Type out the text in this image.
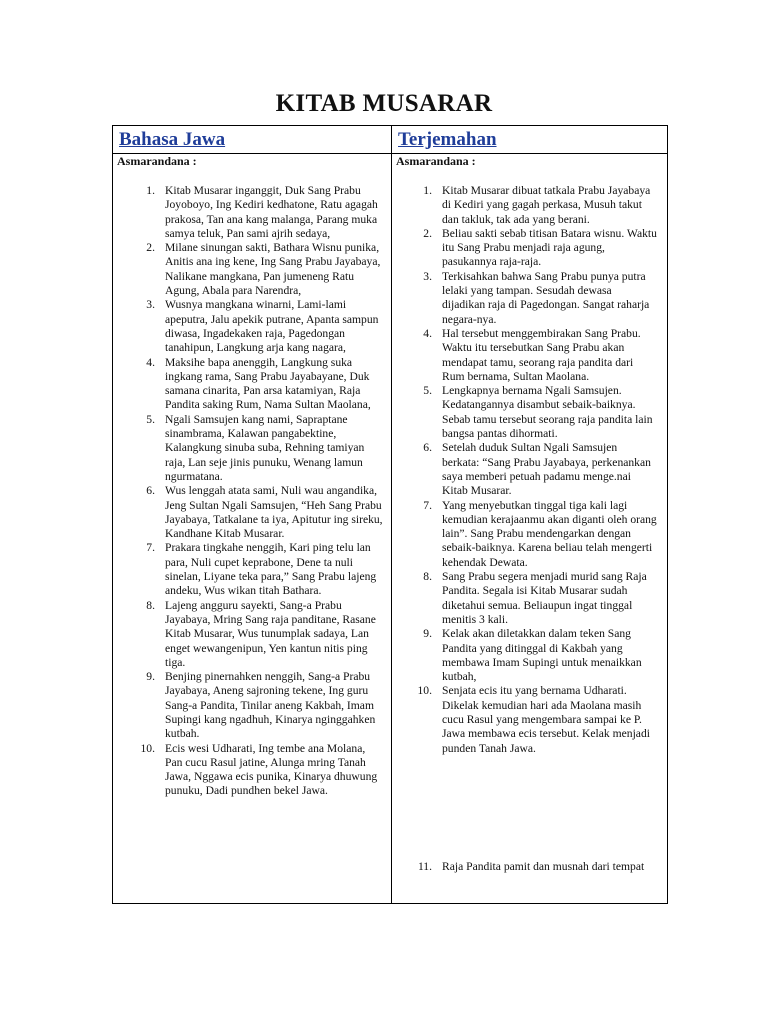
KITAB MUSARAR
Bahasa Jawa
Asmarandana :
1. Kitab Musarar inganggit, Duk Sang Prabu Joyoboyo, Ing Kediri kedhatone, Ratu agagah prakosa, Tan ana kang malanga, Parang muka samya teluk, Pan sami ajrih sedaya,
2. Milane sinungan sakti, Bathara Wisnu punika, Anitis ana ing kene, Ing Sang Prabu Jayabaya, Nalikane mangkana, Pan jumeneng Ratu Agung, Abala para Narendra,
3. Wusnya mangkana winarni, Lami-lami apeputra, Jalu apekik putrane, Apanta sampun diwasa, Ingadekaken raja, Pagedongan tanahipun, Langkung arja kang nagara,
4. Maksihe bapa anenggih, Langkung suka ingkang rama, Sang Prabu Jayabayane, Duk samana cinarita, Pan arsa katamiyan, Raja Pandita saking Rum, Nama Sultan Maolana,
5. Ngali Samsujen kang nami, Sapraptane sinambrama, Kalawan pangabektine, Kalangkung sinuba suba, Rehning tamiyan raja, Lan seje jinis punuku, Wenang lamun ngurmatana.
6. Wus lenggah atata sami, Nuli wau angandika, Jeng Sultan Ngali Samsujen, “Heh Sang Prabu Jayabaya, Tatkalane ta iya, Apitutur ing sireku, Kandhane Kitab Musarar.
7. Prakara tingkahe nenggih, Kari ping telu lan para, Nuli cupet keprabone, Dene ta nuli sinelan, Liyane teka para,” Sang Prabu lajeng andeku, Wus wikan titah Bathara.
8. Lajeng angguru sayekti, Sang-a Prabu Jayabaya, Mring Sang raja panditane, Rasane Kitab Musarar, Wus tunumplak sadaya, Lan enget wewangenipun, Yen kantun nitis ping tiga.
9. Benjing pinernahken nenggih, Sang-a Prabu Jayabaya, Aneng sajroning tekene, Ing guru Sang-a Pandita, Tinilar aneng Kakbah, Imam Supingi kang ngadhuh, Kinarya nginggahken kutbah.
10. Ecis wesi Udharati, Ing tembe ana Molana, Pan cucu Rasul jatine, Alunga mring Tanah Jawa, Nggawa ecis punika, Kinarya dhuwung punuku, Dadi pundhen bekel Jawa.
Terjemahan
Asmarandana :
1. Kitab Musarar dibuat tatkala Prabu Jayabaya di Kediri yang gagah perkasa, Musuh takut dan takluk, tak ada yang berani.
2. Beliau sakti sebab titisan Batara wisnu. Waktu itu Sang Prabu menjadi raja agung, pasukannya raja-raja.
3. Terkisahkan bahwa Sang Prabu punya putra lelaki yang tampan. Sesudah dewasa dijadikan raja di Pagedongan. Sangat raharja negara-nya.
4. Hal tersebut menggembirakan Sang Prabu. Waktu itu tersebutkan Sang Prabu akan mendapat tamu, seorang raja pandita dari Rum bernama, Sultan Maolana.
5. Lengkapnya bernama Ngali Samsujen. Kedatangannya disambut sebaik-baiknya. Sebab tamu tersebut seorang raja pandita lain bangsa pantas dihormati.
6. Setelah duduk Sultan Ngali Samsujen berkata: “Sang Prabu Jayabaya, perkenankan saya memberi petuah padamu menge.nai Kitab Musarar.
7. Yang menyebutkan tinggal tiga kali lagi kemudian kerajaanmu akan diganti oleh orang lain”. Sang Prabu mendengarkan dengan sebaik-baiknya. Karena beliau telah mengerti kehendak Dewata.
8. Sang Prabu segera menjadi murid sang Raja Pandita. Segala isi Kitab Musarar sudah diketahui semua. Beliaupun ingat tinggal menitis 3 kali.
9. Kelak akan diletakkan dalam teken Sang Pandita yang ditinggal di Kakbah yang membawa Imam Supingi untuk menaikkan kutbah,
10. Senjata ecis itu yang bernama Udharati. Dikelak kemudian hari ada Maolana masih cucu Rasul yang mengembara sampai ke P. Jawa membawa ecis tersebut. Kelak menjadi punden Tanah Jawa.
11. Raja Pandita pamit dan musnah dari tempat
